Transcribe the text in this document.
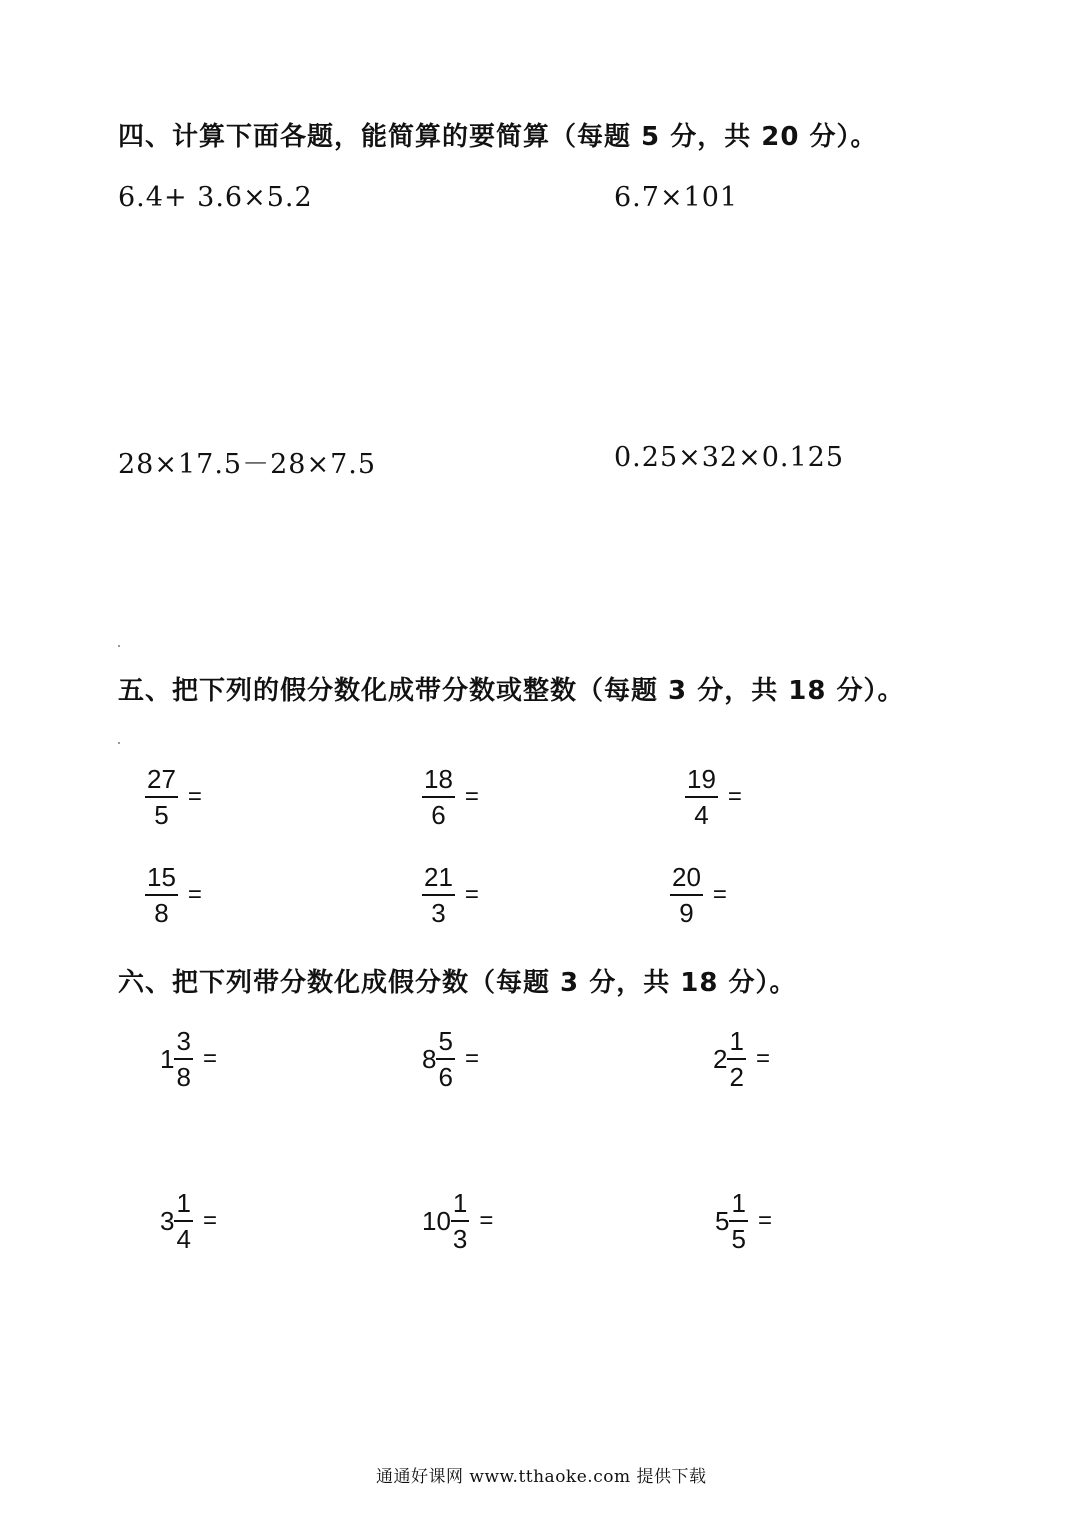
四、计算下面各题，能简算的要简算（每题 5 分，共 20 分）。
6.4+ 3.6×5.2	6.7×101
28×17.5－28×7.5	0.25×32×0.125
五、把下列的假分数化成带分数或整数（每题 3 分，共 18 分）。
$\frac{27}{5}$ =	$\frac{18}{6}$ =	$\frac{19}{4}$ =
$\frac{15}{8}$ =	$\frac{21}{3}$ =	$\frac{20}{9}$ =
六、把下列带分数化成假分数（每题 3 分，共 18 分）。
$1 \frac{3}{8}$ =	$8 \frac{5}{6}$ =	$2 \frac{1}{2}$ =
$3 \frac{1}{4}$ =	$10 \frac{1}{3}$ =	$5 \frac{1}{5}$ =
通通好课网 www.tthaoke.com 提供下载
